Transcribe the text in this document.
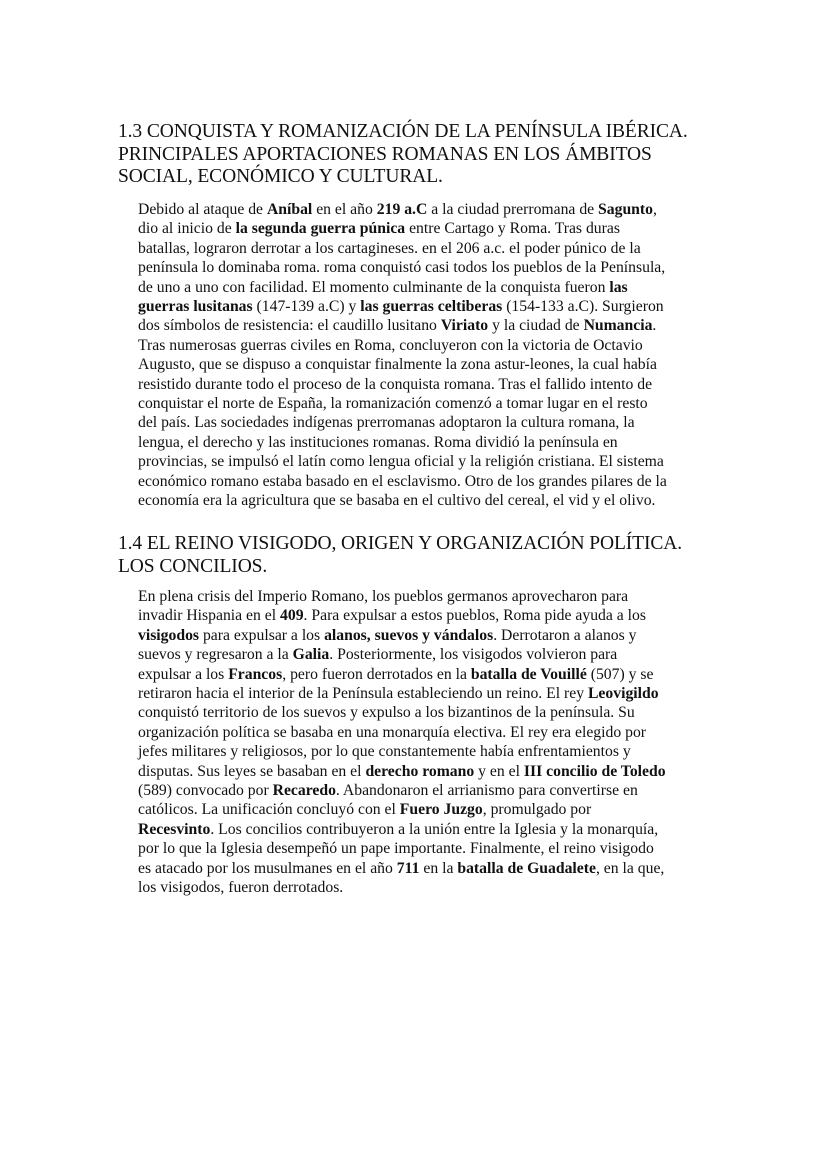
1.3 CONQUISTA Y ROMANIZACIÓN DE LA PENÍNSULA IBÉRICA.
PRINCIPALES APORTACIONES ROMANAS EN LOS ÁMBITOS
SOCIAL, ECONÓMICO Y CULTURAL.
Debido al ataque de Aníbal en el año 219 a.C a la ciudad prerromana de Sagunto,
dio al inicio de la segunda guerra púnica entre Cartago y Roma. Tras duras
batallas, lograron derrotar a los cartagineses. en el 206 a.c. el poder púnico de la
península lo dominaba roma. roma conquistó casi todos los pueblos de la Península,
de uno a uno con facilidad. El momento culminante de la conquista fueron las
guerras lusitanas (147-139 a.C) y las guerras celtiberas (154-133 a.C). Surgieron
dos símbolos de resistencia: el caudillo lusitano Viriato y la ciudad de Numancia.
Tras numerosas guerras civiles en Roma, concluyeron con la victoria de Octavio
Augusto, que se dispuso a conquistar finalmente la zona astur-leones, la cual había
resistido durante todo el proceso de la conquista romana. Tras el fallido intento de
conquistar el norte de España, la romanización comenzó a tomar lugar en el resto
del país. Las sociedades indígenas prerromanas adoptaron la cultura romana, la
lengua, el derecho y las instituciones romanas. Roma dividió la península en
provincias, se impulsó el latín como lengua oficial y la religión cristiana. El sistema
económico romano estaba basado en el esclavismo. Otro de los grandes pilares de la
economía era la agricultura que se basaba en el cultivo del cereal, el vid y el olivo.
1.4 EL REINO VISIGODO, ORIGEN Y ORGANIZACIÓN POLÍTICA.
LOS CONCILIOS.
En plena crisis del Imperio Romano, los pueblos germanos aprovecharon para
invadir Hispania en el 409. Para expulsar a estos pueblos, Roma pide ayuda a los
visigodos para expulsar a los alanos, suevos y vándalos. Derrotaron a alanos y
suevos y regresaron a la Galia. Posteriormente, los visigodos volvieron para
expulsar a los Francos, pero fueron derrotados en la batalla de Vouillé (507) y se
retiraron hacia el interior de la Península estableciendo un reino. El rey Leovigildo
conquistó territorio de los suevos y expulso a los bizantinos de la península. Su
organización política se basaba en una monarquía electiva. El rey era elegido por
jefes militares y religiosos, por lo que constantemente había enfrentamientos y
disputas. Sus leyes se basaban en el derecho romano y en el III concilio de Toledo
(589) convocado por Recaredo. Abandonaron el arrianismo para convertirse en
católicos. La unificación concluyó con el Fuero Juzgo, promulgado por
Recesvinto. Los concilios contribuyeron a la unión entre la Iglesia y la monarquía,
por lo que la Iglesia desempeñó un pape importante. Finalmente, el reino visigodo
es atacado por los musulmanes en el año 711 en la batalla de Guadalete, en la que,
los visigodos, fueron derrotados.
